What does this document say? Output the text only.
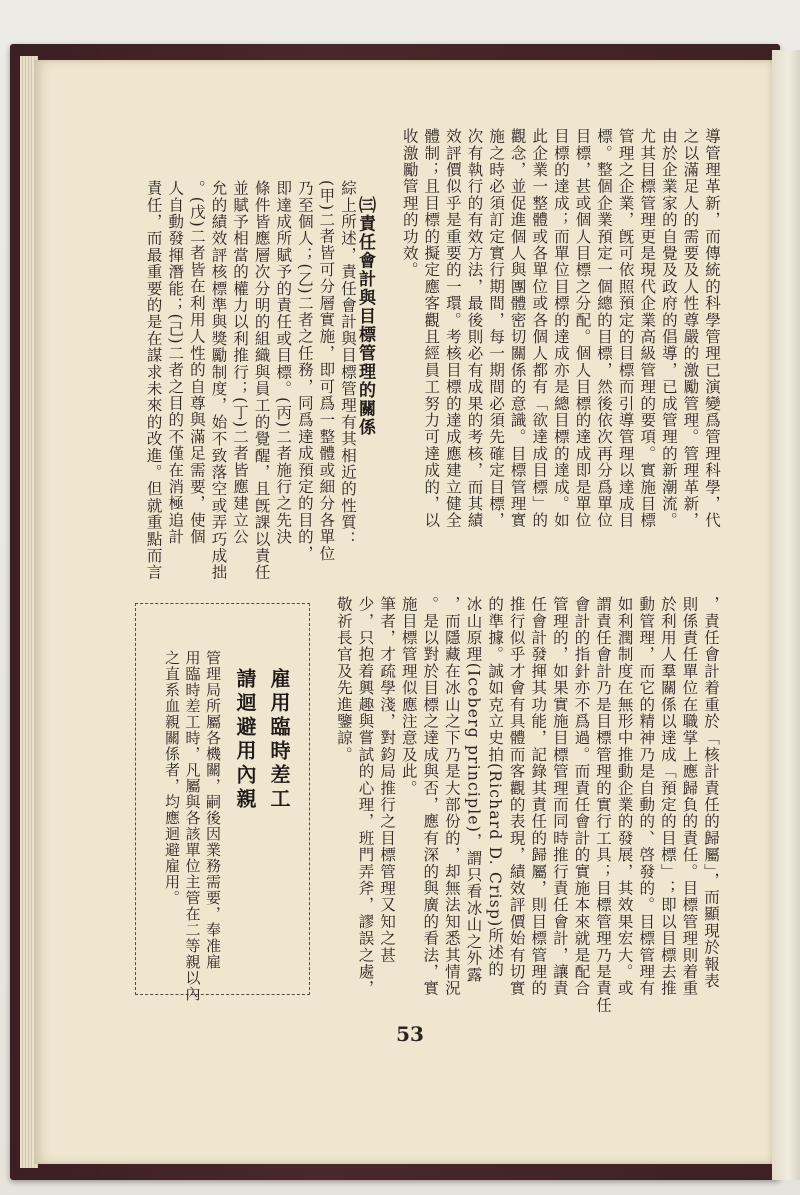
導管理革新，而傳統的科學管理已演變爲管理科學，代
之以滿足人的需要及人性尊嚴的激勵管理。管理革新，
由於企業家的自覺及政府的倡導，已成管理的新潮流。
尤其目標管理更是現代企業高級管理的要項。實施目標
管理之企業，旣可依照預定的目標而引導管理以達成目
標。整個企業預定一個總的目標，然後依次再分爲單位
目標，甚或個人目標之分配。個人目標的達成即是單位
目標的達成；而單位目標的達成亦是總目標的達成。如
此企業一整體或各單位或各個人都有「欲達成目標」的
觀念，並促進個人與團體密切關係的意識。目標管理實
施之時必須訂定實行期間，每一期間必須先確定目標，
次有執行的有效方法，最後則必有成果的考核，而其績
效評價似乎是重要的一環。考核目標的達成應建立健全
體制；且目標的擬定應客觀且經員工努力可達成的，以
收激勵管理的功效。
㈢責任會計與目標管理的關係
綜上所述，責任會計與目標管理有其相近的性質：
(甲)二者皆可分層實施，即可爲一整體或細分各單位
乃至個人；(乙)二者之任務，同爲達成預定的目的，
即達成所賦予的責任或目標。(丙)二者施行之先決
條件皆應層次分明的組織與員工的覺醒，且旣課以責任
並賦予相當的權力以利推行；(丁)二者皆應建立公
允的績效評核標準與獎勵制度，始不致落空或弄巧成拙
。(戊)二者皆在利用人性的自尊與滿足需要，使個
人自動發揮潛能；(己)二者之目的不僅在消極追計
責任，而最重要的是在謀求未來的改進。但就重點而言
，責任會計着重於「核計責任的歸屬」，而顯現於報表
則係責任單位在職掌上應歸負的責任。目標管理則着重
於利用人羣關係以達成「預定的目標」；即以目標去推
動管理，而它的精神乃是自動的、啓發的。目標管理有
如利潤制度在無形中推動企業的發展，其效果宏大。或
謂責任會計乃是目標管理的實行工具；目標管理乃是責任
會計的指針亦不爲過。而責任會計的實施本來就是配合
管理的，如果實施目標管理而同時推行責任會計，讓責
任會計發揮其功能，記錄其責任的歸屬，則目標管理的
推行似乎才會有具體而客觀的表現，績效評價始有切實
的準據。誠如克立史拍(Richard D. Crisp)所述的
冰山原理(Iceberg principle)，謂只看冰山之外露
，而隱藏在冰山之下乃是大部份的，却無法知悉其情況
。是以對於目標之達成與否，應有深的與廣的看法，實
施目標管理似應注意及此。
筆者，才疏學淺，對鈞局推行之目標管理又知之甚
少，只抱着興趣與嘗試的心理，班門弄斧，謬誤之處，
敬祈長官及先進鑒諒。
雇用臨時差工
請迴避用內親
管理局所屬各機關，嗣後因業務需要，奉准雇
用臨時差工時，凡屬與各該單位主管在二等親以內
之直系血親關係者，均應迴避雇用。
53
